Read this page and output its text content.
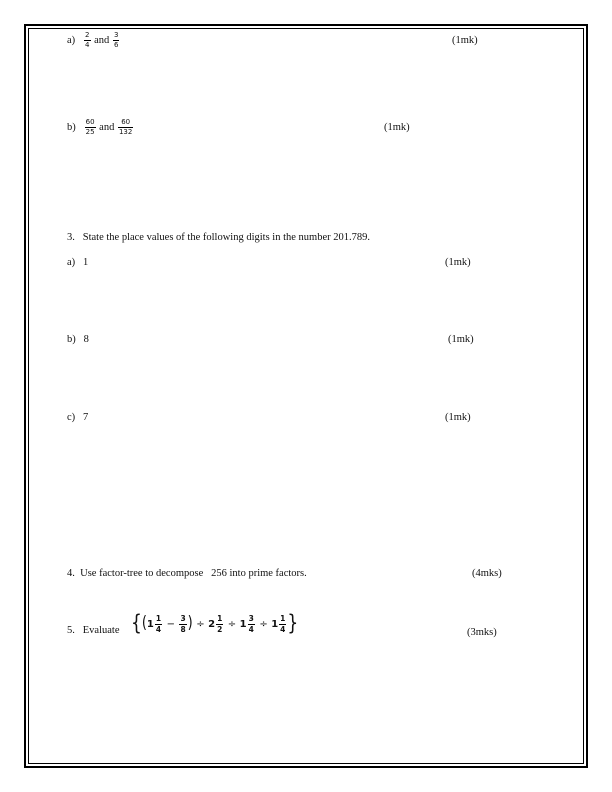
$a) \frac{2}{4}$ and $\frac{3}{6}$	(1mk)
$b) \frac{60}{25}$ and $\frac{60}{132}$	(1mk)
3. State the place values of the following digits in the number 201.789.
a) 1	(1mk)
b) 8	(1mk)
c) 7	(1mk)
4. Use factor-tree to decompose   256 into prime factors.	(4mks)
5. Evaluate {($1 \frac{1}{4} - \frac{3}{8}$ ) ÷ $2 \frac{1}{2} \div 1 \frac{3}{4} \div 1 \frac{1}{4}$ }	(3mks)
